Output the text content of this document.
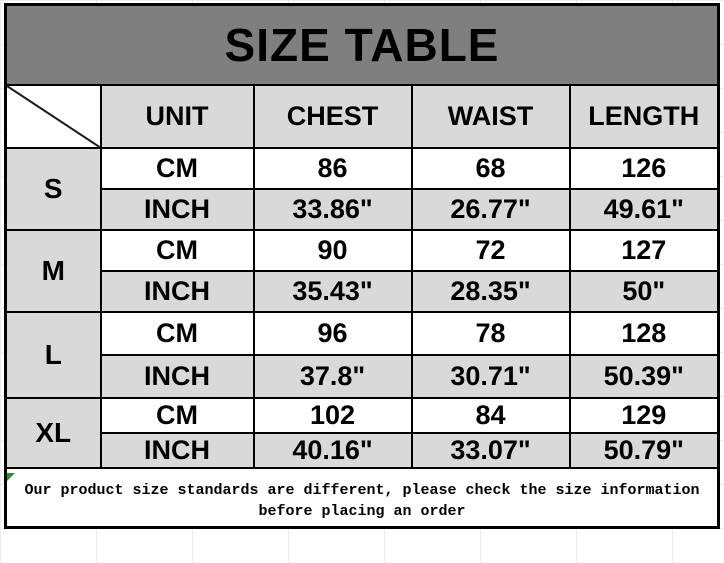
SIZE TABLE				

	UNIT	CHEST	WAIST	LENGTH
S	CM	86	68	126
	INCH	33.86"	26.77"	49.61"
M	CM	90	72	127
	INCH	35.43"	28.35"	50"
L	CM	96	78	128
	INCH	37.8"	30.71"	50.39"
XL	CM	102	84	129
	INCH	40.16"	33.07"	50.79"

Our product size standards are different, please check the size information before placing an order				
